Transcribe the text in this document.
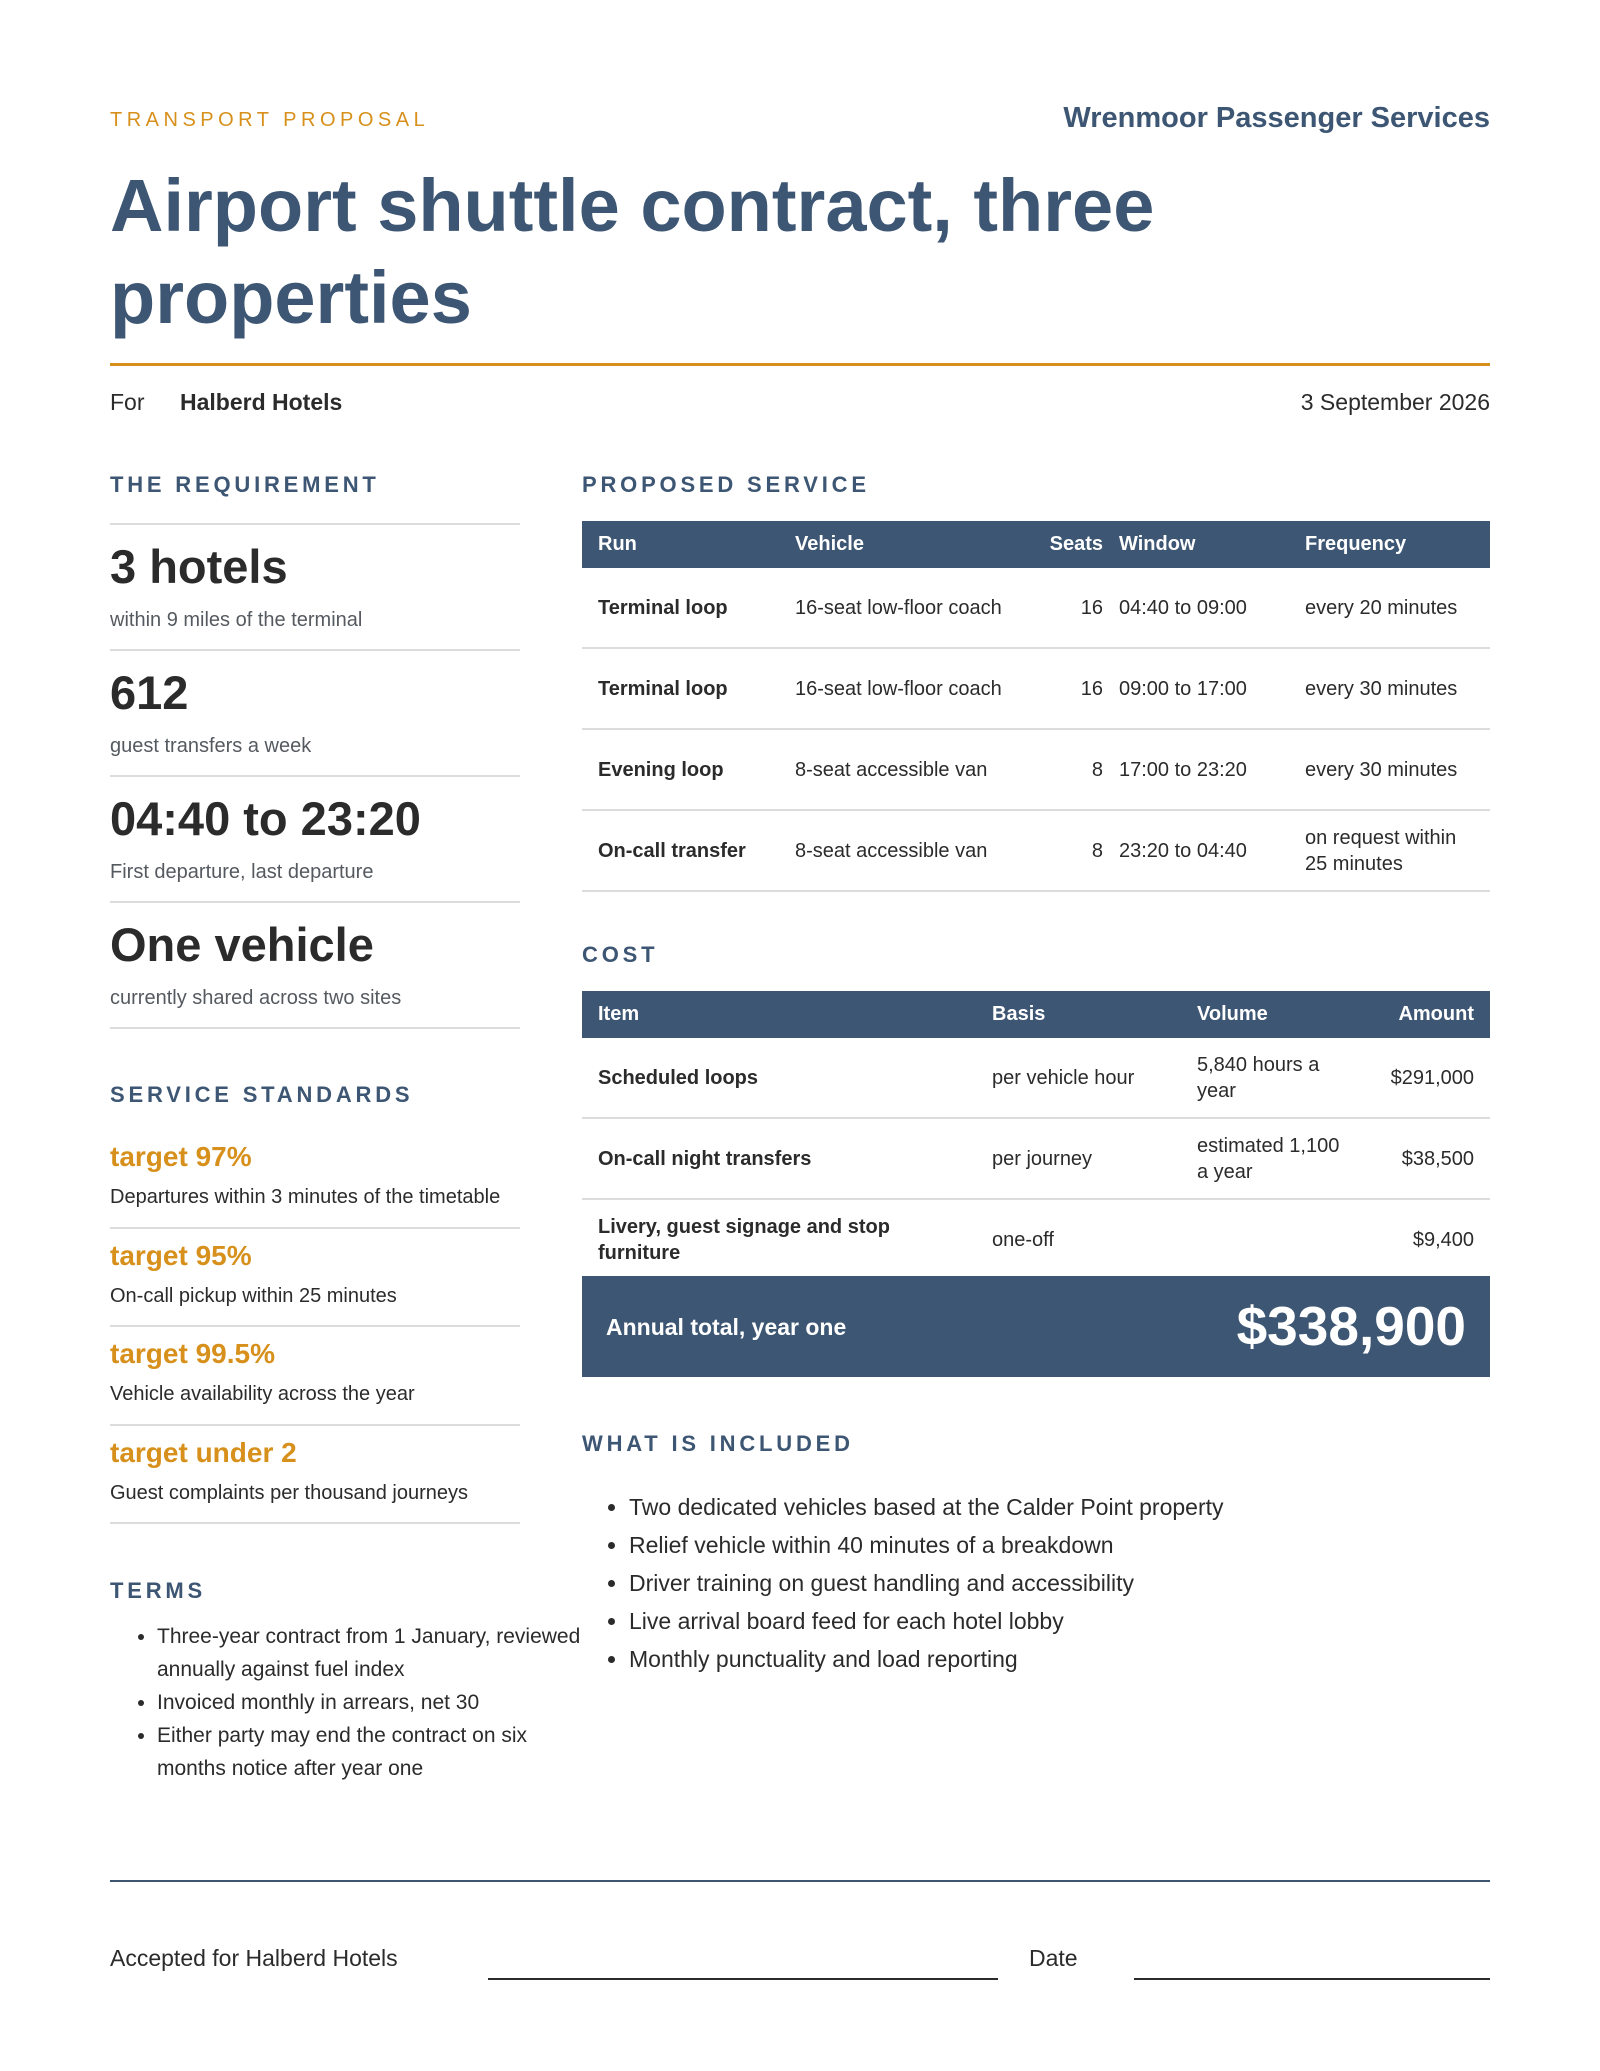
TRANSPORT PROPOSAL	Wrenmoor Passenger Services
Airport shuttle contract, three properties
For Halberd Hotels	3 September 2026
THE REQUIREMENT
3 hotels
within 9 miles of the terminal
612
guest transfers a week
04:40 to 23:20
First departure, last departure
One vehicle
currently shared across two sites
SERVICE STANDARDS
target 97%
Departures within 3 minutes of the timetable
target 95%
On-call pickup within 25 minutes
target 99.5%
Vehicle availability across the year
target under 2
Guest complaints per thousand journeys
TERMS
• Three-year contract from 1 January, reviewed annually against fuel index
• Invoiced monthly in arrears, net 30
• Either party may end the contract on six months notice after year one
PROPOSED SERVICE
Run	Vehicle	Seats	Window	Frequency
Terminal loop	16-seat low-floor coach	16	04:40 to 09:00	every 20 minutes
Terminal loop	16-seat low-floor coach	16	09:00 to 17:00	every 30 minutes
Evening loop	8-seat accessible van	8	17:00 to 23:20	every 30 minutes
On-call transfer	8-seat accessible van	8	23:20 to 04:40	on request within 25 minutes
COST
Item	Basis	Volume	Amount
Scheduled loops	per vehicle hour	5,840 hours a year	$291,000
On-call night transfers	per journey	estimated 1,100 a year	$38,500
Livery, guest signage and stop furniture	one-off		$9,400
Annual total, year one	$338,900
WHAT IS INCLUDED
• Two dedicated vehicles based at the Calder Point property
• Relief vehicle within 40 minutes of a breakdown
• Driver training on guest handling and accessibility
• Live arrival board feed for each hotel lobby
• Monthly punctuality and load reporting
Accepted for Halberd Hotels	Date
